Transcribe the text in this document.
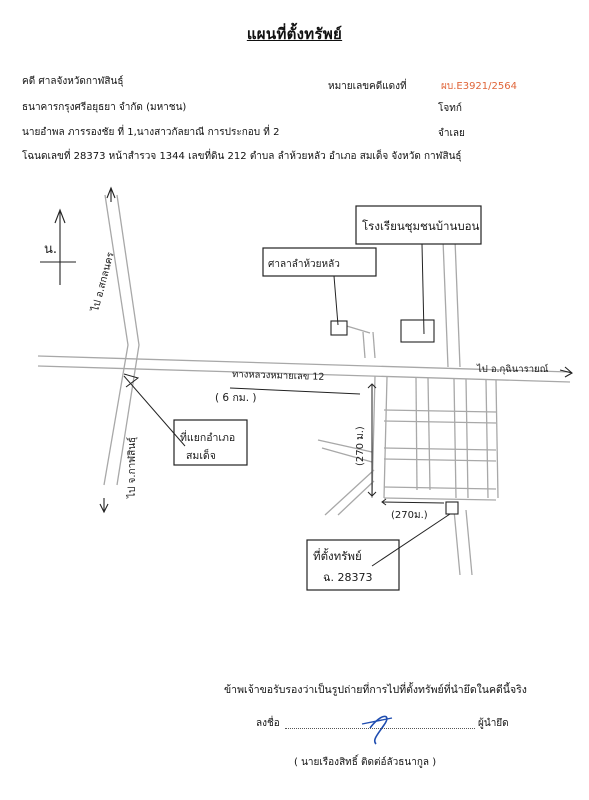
แผนที่ตั้งทรัพย์
คดี ศาลจังหวัดกาฬสินธุ์	หมายเลขคดีแดงที่	ผบ.E3921/2564
ธนาคารกรุงศรีอยุธยา จำกัด (มหาชน)	โจทก์
นายอำพล ภารรองชัย ที่ 1,นางสาวกัลยาณี การประกอบ ที่ 2	จำเลย
โฉนดเลขที่ 28373 หน้าสำรวจ 1344 เลขที่ดิน 212 ตำบล ลำห้วยหลัว อำเภอ สมเด็จ จังหวัด กาฬสินธุ์
ไป อ.สกลนคร
ไป จ.กาฬสินธุ์
ไป อ.กุฉินารายณ์
ทางหลวงหมายเลข 12
( 6 กม. )
(270 ม.)
(270ม.)
น.
โรงเรียนชุมชนบ้านบอน
ศาลาลำห้วยหลัว
ที่แยกอำเภอ
สมเด็จ
ที่ตั้งทรัพย์
ฉ. 28373
ข้าพเจ้าขอรับรองว่าเป็นรูปถ่ายที่การไปที่ตั้งทรัพย์ที่นำยึดในคดีนี้จริง
ลงชื่อ	ผู้นำยึด
( นายเรืองสิทธิ์ ติดต่อ์ลัวธนากูล )
